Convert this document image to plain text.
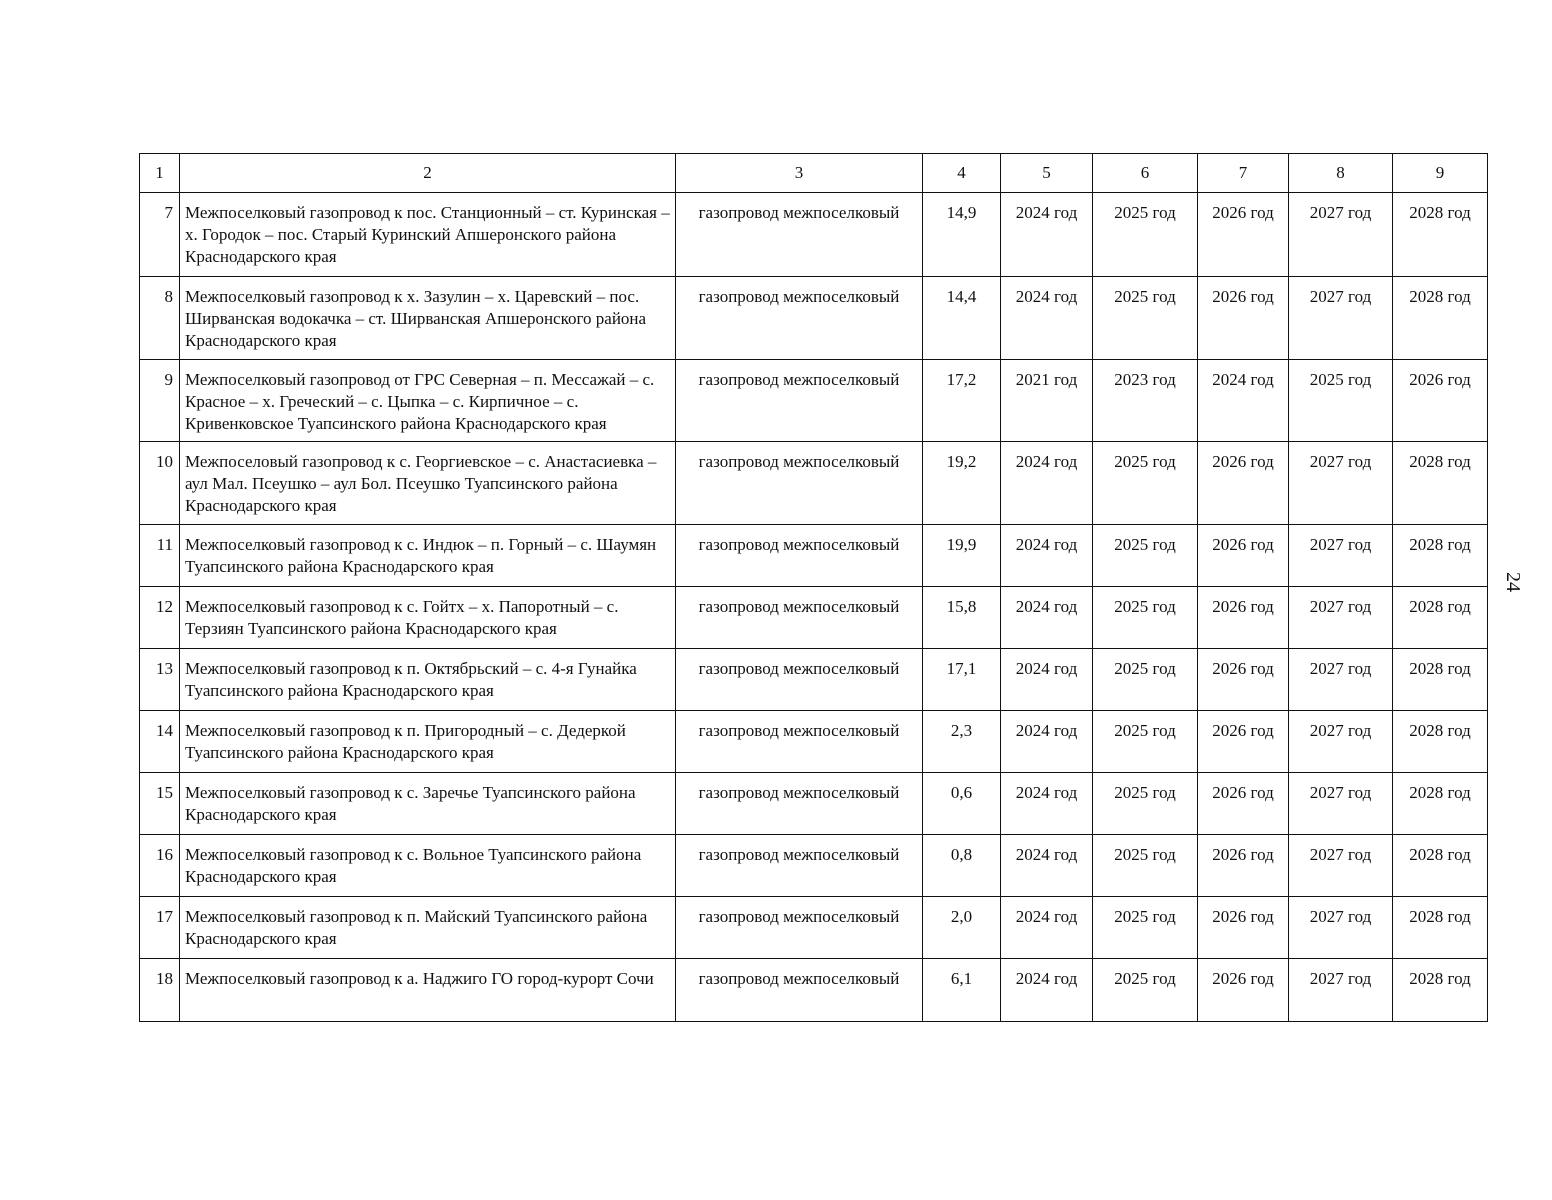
1	2	3	4	5	6	7	8	9
7	Межпоселковый газопровод к пос. Станционный – ст. Куринская – х. Городок – пос. Старый Куринский Апшеронского района Краснодарского края	газопровод межпоселковый	14,9	2024 год	2025 год	2026 год	2027 год	2028 год
8	Межпоселковый газопровод к х. Зазулин – х. Царевский – пос. Ширванская водокачка – ст. Ширванская Апшеронского района Краснодарского края	газопровод межпоселковый	14,4	2024 год	2025 год	2026 год	2027 год	2028 год
9	Межпоселковый газопровод от ГРС Северная – п. Мессажай – с. Красное – х. Греческий – с. Цыпка – с. Кирпичное – с. Кривенковское Туапсинского района Краснодарского края	газопровод межпоселковый	17,2	2021 год	2023 год	2024 год	2025 год	2026 год
10	Межпоселовый газопровод к с. Георгиевское – с. Анастасиевка – аул Мал. Псеушко – аул Бол. Псеушко Туапсинского района Краснодарского края	газопровод межпоселковый	19,2	2024 год	2025 год	2026 год	2027 год	2028 год
11	Межпоселковый газопровод к с. Индюк – п. Горный – с. Шаумян Туапсинского района Краснодарского края	газопровод межпоселковый	19,9	2024 год	2025 год	2026 год	2027 год	2028 год
12	Межпоселковый газопровод к с. Гойтх – х. Папоротный – с. Терзиян Туапсинского района Краснодарского края	газопровод межпоселковый	15,8	2024 год	2025 год	2026 год	2027 год	2028 год
13	Межпоселковый газопровод к п. Октябрьский – с. 4-я Гунайка Туапсинского района Краснодарского края	газопровод межпоселковый	17,1	2024 год	2025 год	2026 год	2027 год	2028 год
14	Межпоселковый газопровод к п. Пригородный – с. Дедеркой Туапсинского района Краснодарского края	газопровод межпоселковый	2,3	2024 год	2025 год	2026 год	2027 год	2028 год
15	Межпоселковый газопровод к с. Заречье Туапсинского района Краснодарского края	газопровод межпоселковый	0,6	2024 год	2025 год	2026 год	2027 год	2028 год
16	Межпоселковый газопровод к с. Вольное Туапсинского района Краснодарского края	газопровод межпоселковый	0,8	2024 год	2025 год	2026 год	2027 год	2028 год
17	Межпоселковый газопровод к п. Майский Туапсинского района Краснодарского края	газопровод межпоселковый	2,0	2024 год	2025 год	2026 год	2027 год	2028 год
18	Межпоселковый газопровод к а. Наджиго ГО город-курорт Сочи	газопровод межпоселковый	6,1	2024 год	2025 год	2026 год	2027 год	2028 год
24
